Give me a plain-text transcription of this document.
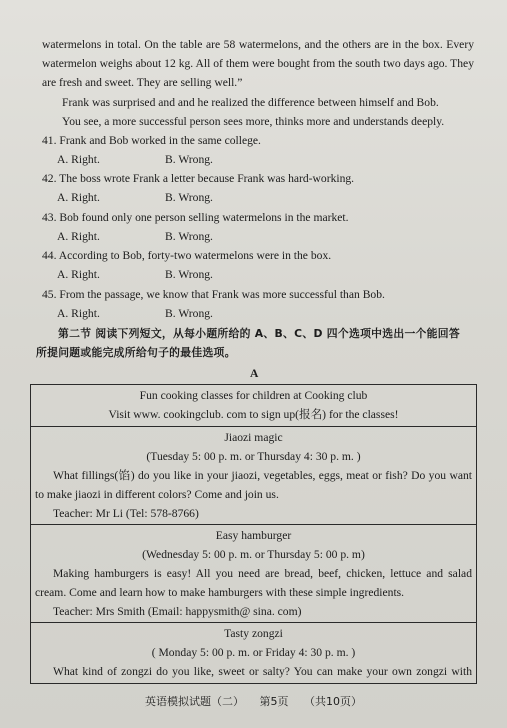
watermelons in total. On the table are 58 watermelons, and the others are in the box. Every
watermelon weighs about 12 kg. All of them were bought from the south two days ago. They
are fresh and sweet. They are selling well.”
Frank was surprised and and he realized the difference between himself and Bob.
You see, a more successful person sees more, thinks more and understands deeply.
41. Frank and Bob worked in the same college.
A. Right.	B. Wrong.
42. The boss wrote Frank a letter because Frank was hard-working.
A. Right.	B. Wrong.
43. Bob found only one person selling watermelons in the market.
A. Right.	B. Wrong.
44. According to Bob, forty-two watermelons were in the box.
A. Right.	B. Wrong.
45. From the passage, we know that Frank was more successful than Bob.
A. Right.	B. Wrong.
第二节 阅读下列短文，从每小题所给的 A、B、C、D 四个选项中选出一个能回答
所提问题或能完成所给句子的最佳选项。
A
Fun cooking classes for children at Cooking club
Visit www. cookingclub. com to sign up(报名) for the classes!

Jiaozi magic
(Tuesday 5: 00 p. m. or Thursday 4: 30 p. m. )
What fillings(馅) do you like in your jiaozi, vegetables, eggs, meat or fish? Do you want
to make jiaozi in different colors? Come and join us.
Teacher: Mr Li (Tel: 578-8766)

Easy hamburger
(Wednesday 5: 00 p. m. or Thursday 5: 00 p. m)
Making hamburgers is easy! All you need are bread, beef, chicken, lettuce and salad
cream. Come and learn how to make hamburgers with these simple ingredients.
Teacher: Mrs Smith (Email: happysmith@ sina. com)

Tasty zongzi
( Monday 5: 00 p. m. or Friday 4: 30 p. m. )
What kind of zongzi do you like, sweet or salty? You can make your own zongzi with
英语模拟试题（二） 第5页 （共10页）
